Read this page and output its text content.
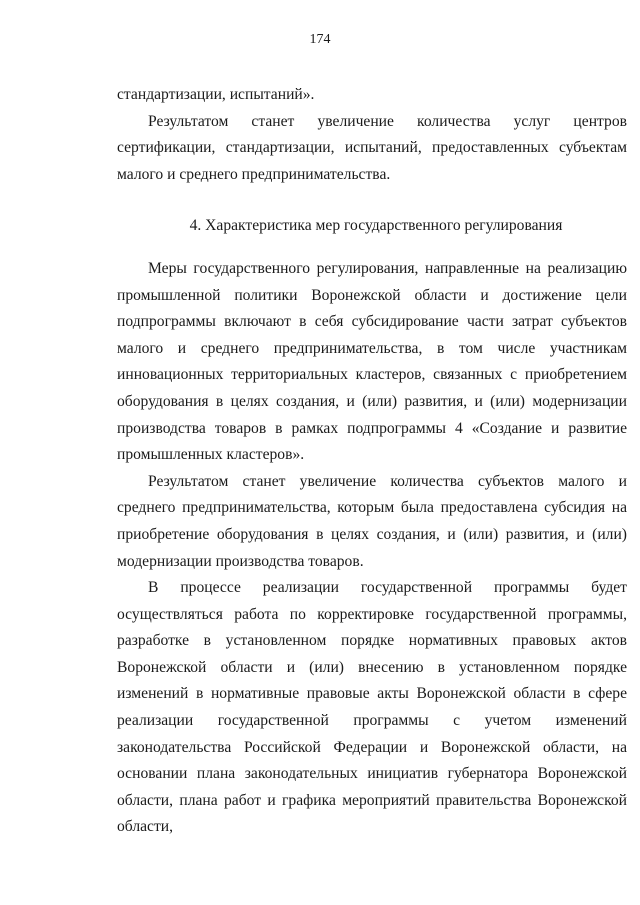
174

стандартизации, испытаний».

Результатом станет увеличение количества услуг центров сертификации, стандартизации, испытаний, предоставленных субъектам малого и среднего предпринимательства.

4. Характеристика мер государственного регулирования

Меры государственного регулирования, направленные на реализацию промышленной политики Воронежской области и достижение цели подпрограммы включают в себя субсидирование части затрат субъектов малого и среднего предпринимательства, в том числе участникам инновационных территориальных кластеров, связанных с приобретением оборудования в целях создания, и (или) развития, и (или) модернизации производства товаров в рамках подпрограммы 4 «Создание и развитие промышленных кластеров».

Результатом станет увеличение количества субъектов малого и среднего предпринимательства, которым была предоставлена субсидия на приобретение оборудования в целях создания, и (или) развития, и (или) модернизации производства товаров.

В процессе реализации государственной программы будет осуществляться работа по корректировке государственной программы, разработке в установленном порядке нормативных правовых актов Воронежской области и (или) внесению в установленном порядке изменений в нормативные правовые акты Воронежской области в сфере реализации государственной программы с учетом изменений законодательства Российской Федерации и Воронежской области, на основании плана законодательных инициатив губернатора Воронежской области, плана работ и графика мероприятий правительства Воронежской области,
